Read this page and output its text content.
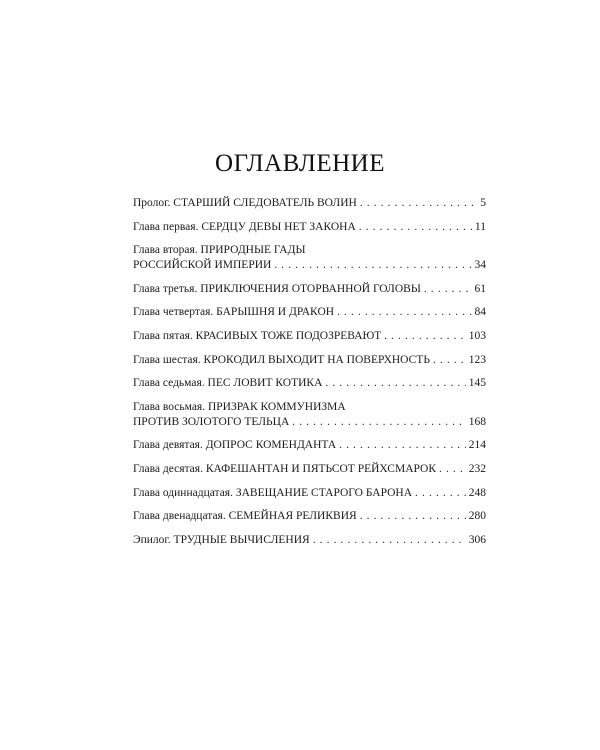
ОГЛАВЛЕНИЕ
Пролог. СТАРШИЙ СЛЕДОВАТЕЛЬ ВОЛИН . . .	5
Глава первая. СЕРДЦУ ДЕВЫ НЕТ ЗАКОНА . . .	11
Глава вторая. ПРИРОДНЫЕ ГАДЫ
РОССИЙСКОЙ ИМПЕРИИ . . .	34
Глава третья. ПРИКЛЮЧЕНИЯ ОТОРВАННОЙ ГОЛОВЫ . . .	61
Глава четвертая. БАРЫШНЯ И ДРАКОН . . .	84
Глава пятая. КРАСИВЫХ ТОЖЕ ПОДОЗРЕВАЮТ . . .	103
Глава шестая. КРОКОДИЛ ВЫХОДИТ НА ПОВЕРХНОСТЬ . . .	123
Глава седьмая. ПЕС ЛОВИТ КОТИКА . . .	145
Глава восьмая. ПРИЗРАК КОММУНИЗМА
ПРОТИВ ЗОЛОТОГО ТЕЛЬЦА . . .	168
Глава девятая. ДОПРОС КОМЕНДАНТА . . .	214
Глава десятая. КАФЕШАНТАН И ПЯТЬСОТ РЕЙХСМАРОК . . .	232
Глава одиннадцатая. ЗАВЕЩАНИЕ СТАРОГО БАРОНА . . .	248
Глава двенадцатая. СЕМЕЙНАЯ РЕЛИКВИЯ . . .	280
Эпилог. ТРУДНЫЕ ВЫЧИСЛЕНИЯ . . .	306
